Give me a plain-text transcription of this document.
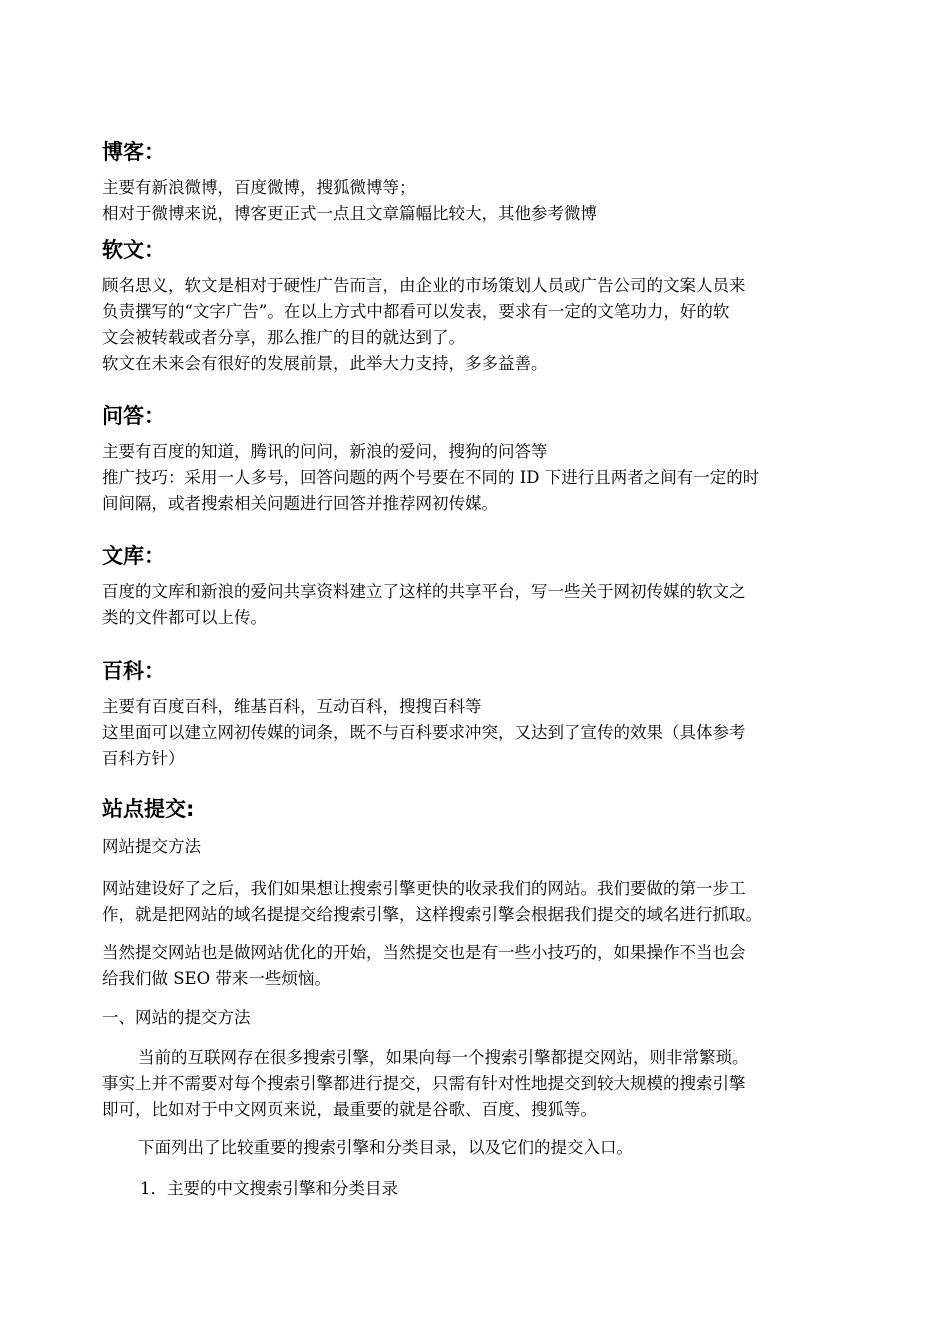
博客：
主要有新浪微博，百度微博，搜狐微博等；
相对于微博来说，博客更正式一点且文章篇幅比较大，其他参考微博
软文：
顾名思义，软文是相对于硬性广告而言，由企业的市场策划人员或广告公司的文案人员来
负责撰写的“文字广告”。在以上方式中都看可以发表，要求有一定的文笔功力，好的软
文会被转载或者分享，那么推广的目的就达到了。
软文在未来会有很好的发展前景，此举大力支持，多多益善。
问答：
主要有百度的知道，腾讯的问问，新浪的爱问，搜狗的问答等
推广技巧：采用一人多号，回答问题的两个号要在不同的 ID 下进行且两者之间有一定的时
间间隔，或者搜索相关问题进行回答并推荐网初传媒。
文库：
百度的文库和新浪的爱问共享资料建立了这样的共享平台，写一些关于网初传媒的软文之
类的文件都可以上传。
百科：
主要有百度百科，维基百科，互动百科，搜搜百科等
这里面可以建立网初传媒的词条，既不与百科要求冲突，又达到了宣传的效果（具体参考
百科方针）
站点提交:
网站提交方法
网站建设好了之后，我们如果想让搜索引擎更快的收录我们的网站。我们要做的第一步工
作，就是把网站的域名提提交给搜索引擎，这样搜索引擎会根据我们提交的域名进行抓取。
当然提交网站也是做网站优化的开始，当然提交也是有一些小技巧的，如果操作不当也会
给我们做 SEO 带来一些烦恼。
一、网站的提交方法
当前的互联网存在很多搜索引擎，如果向每一个搜索引擎都提交网站，则非常繁琐。
事实上并不需要对每个搜索引擎都进行提交，只需有针对性地提交到较大规模的搜索引擎
即可，比如对于中文网页来说，最重要的就是谷歌、百度、搜狐等。
下面列出了比较重要的搜索引擎和分类目录，以及它们的提交入口。
1．主要的中文搜索引擎和分类目录
